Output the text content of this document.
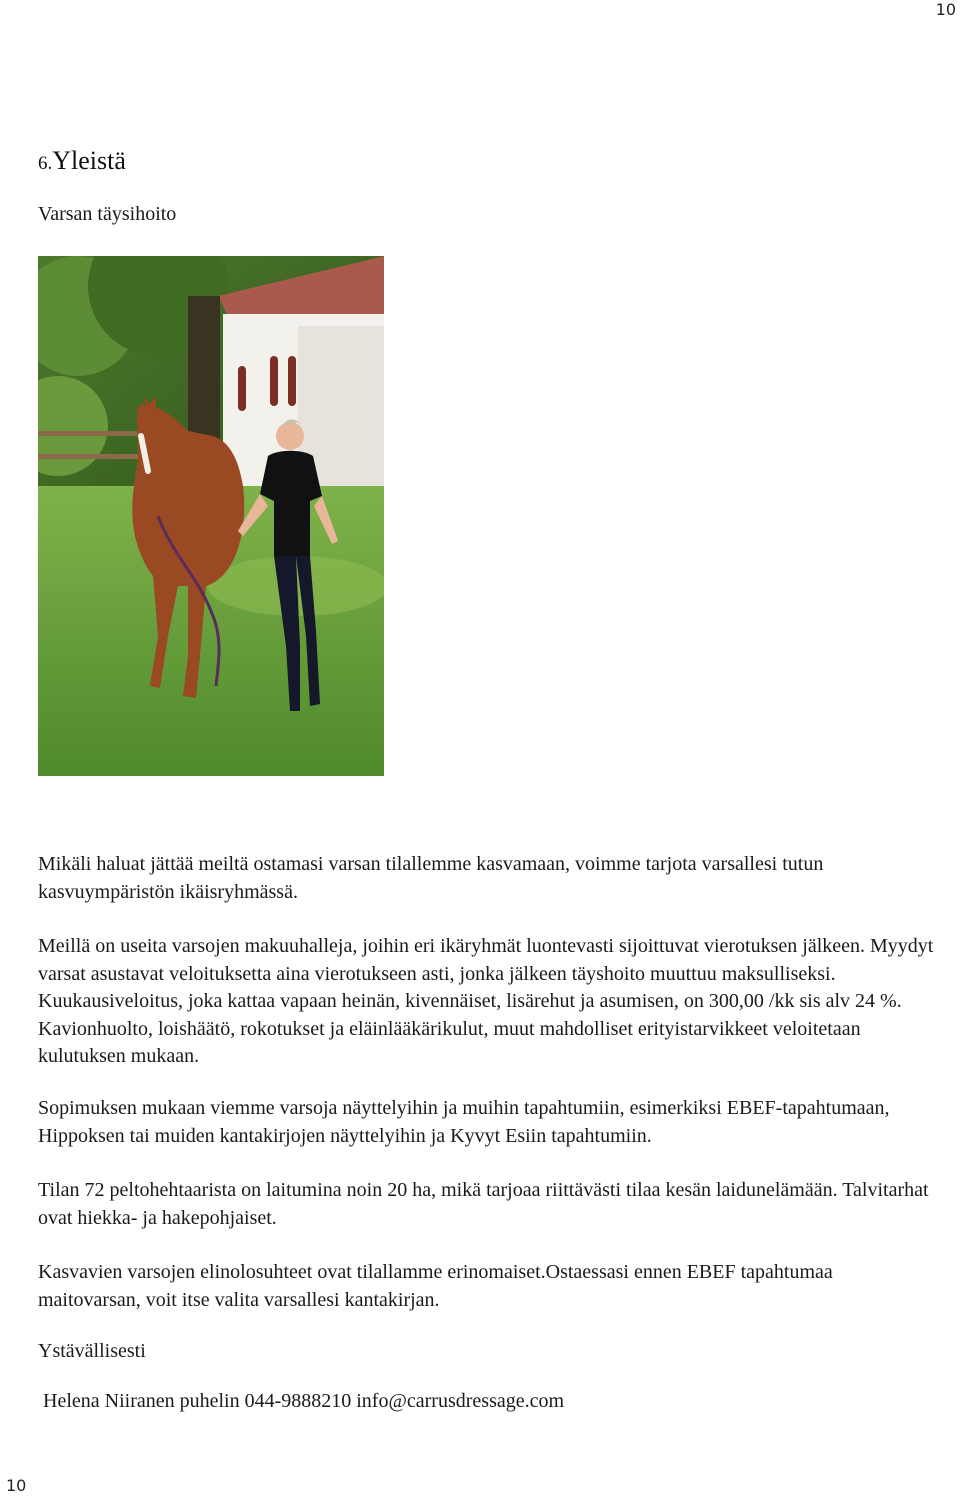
10
6.Yleistä
Varsan täysihoito

Mikäli haluat jättää meiltä ostamasi varsan tilallemme kasvamaan, voimme tarjota varsallesi tutun kasvuympäristön ikäisryhmässä.

Meillä on useita varsojen makuuhalleja, joihin eri ikäryhmät luontevasti sijoittuvat vierotuksen jälkeen. Myydyt varsat asustavat veloituksetta aina vierotukseen asti, jonka jälkeen täyshoito muuttuu maksulliseksi. Kuukausiveloitus, joka kattaa vapaan heinän, kivennäiset, lisärehut ja asumisen, on 300,00 /kk sis alv 24 %. Kavionhuolto, loishäätö, rokotukset ja eläinlääkärikulut, muut mahdolliset erityistarvikkeet veloitetaan kulutuksen mukaan.

Sopimuksen mukaan viemme varsoja näyttelyihin ja muihin tapahtumiin, esimerkiksi EBEF-tapahtumaan, Hippoksen tai muiden kantakirjojen näyttelyihin ja Kyvyt Esiin tapahtumiin.

Tilan 72 peltohehtaarista on laitumina noin 20 ha, mikä tarjoaa riittävästi tilaa kesän laidunelämään. Talvitarhat ovat hiekka- ja hakepohjaiset.

Kasvavien varsojen elinolosuhteet ovat tilallamme erinomaiset.Ostaessasi ennen EBEF tapahtumaa maitovarsan, voit itse valita varsallesi kantakirjan.

Ystävällisesti
Helena Niiranen puhelin 044-9888210 info@carrusdressage.com
10
